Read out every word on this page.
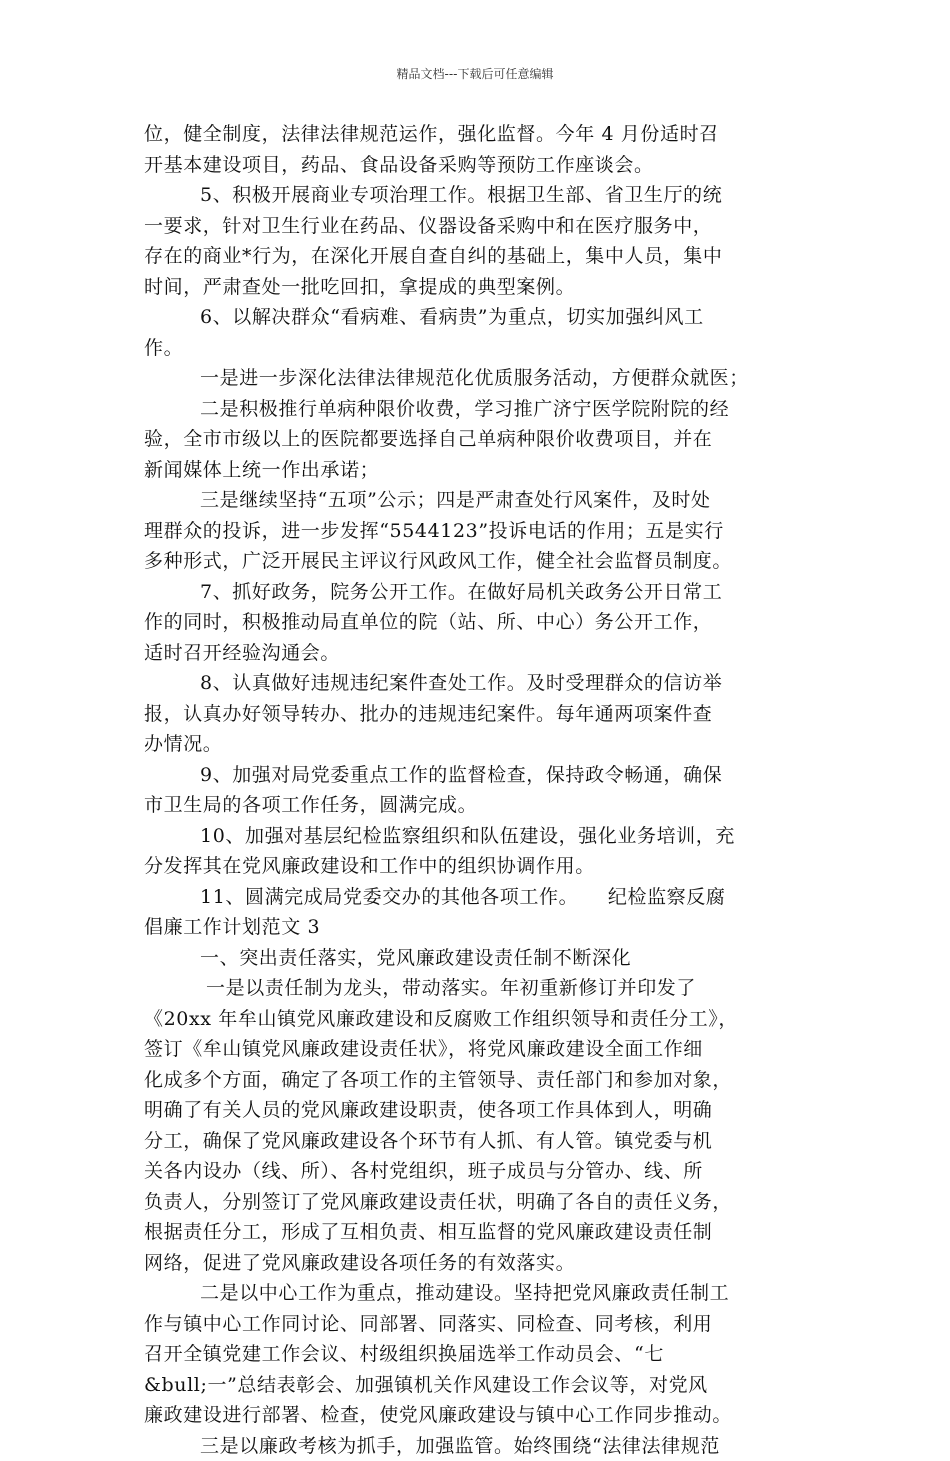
精品文档---下载后可任意编辑
位，健全制度，法律法律规范运作，强化监督。今年 4 月份适时召
开基本建设项目，药品、食品设备采购等预防工作座谈会。
5、积极开展商业专项治理工作。根据卫生部、省卫生厅的统
一要求，针对卫生行业在药品、仪器设备采购中和在医疗服务中，
存在的商业*行为，在深化开展自查自纠的基础上，集中人员，集中
时间，严肃查处一批吃回扣，拿提成的典型案例。
6、以解决群众“看病难、看病贵”为重点，切实加强纠风工
作。
一是进一步深化法律法律规范化优质服务活动，方便群众就医；
二是积极推行单病种限价收费，学习推广济宁医学院附院的经
验，全市市级以上的医院都要选择自己单病种限价收费项目，并在
新闻媒体上统一作出承诺；
三是继续坚持“五项”公示；四是严肃查处行风案件，及时处
理群众的投诉，进一步发挥“5544123”投诉电话的作用；五是实行
多种形式，广泛开展民主评议行风政风工作，健全社会监督员制度。
7、抓好政务，院务公开工作。在做好局机关政务公开日常工
作的同时，积极推动局直单位的院（站、所、中心）务公开工作，
适时召开经验沟通会。
8、认真做好违规违纪案件查处工作。及时受理群众的信访举
报，认真办好领导转办、批办的违规违纪案件。每年通两项案件查
办情况。
9、加强对局党委重点工作的监督检查，保持政令畅通，确保
市卫生局的各项工作任务，圆满完成。
10、加强对基层纪检监察组织和队伍建设，强化业务培训，充
分发挥其在党风廉政建设和工作中的组织协调作用。
11、圆满完成局党委交办的其他各项工作。　　纪检监察反腐
倡廉工作计划范文 3
一、突出责任落实，党风廉政建设责任制不断深化
一是以责任制为龙头，带动落实。年初重新修订并印发了
《20xx 年牟山镇党风廉政建设和反腐败工作组织领导和责任分工》，
签订《牟山镇党风廉政建设责任状》，将党风廉政建设全面工作细
化成多个方面，确定了各项工作的主管领导、责任部门和参加对象，
明确了有关人员的党风廉政建设职责，使各项工作具体到人，明确
分工，确保了党风廉政建设各个环节有人抓、有人管。镇党委与机
关各内设办（线、所）、各村党组织，班子成员与分管办、线、所
负责人，分别签订了党风廉政建设责任状，明确了各自的责任义务，
根据责任分工，形成了互相负责、相互监督的党风廉政建设责任制
网络，促进了党风廉政建设各项任务的有效落实。
二是以中心工作为重点，推动建设。坚持把党风廉政责任制工
作与镇中心工作同讨论、同部署、同落实、同检查、同考核，利用
召开全镇党建工作会议、村级组织换届选举工作动员会、“七
&bull;一”总结表彰会、加强镇机关作风建设工作会议等，对党风
廉政建设进行部署、检查，使党风廉政建设与镇中心工作同步推动。
三是以廉政考核为抓手，加强监管。始终围绕“法律法律规范
